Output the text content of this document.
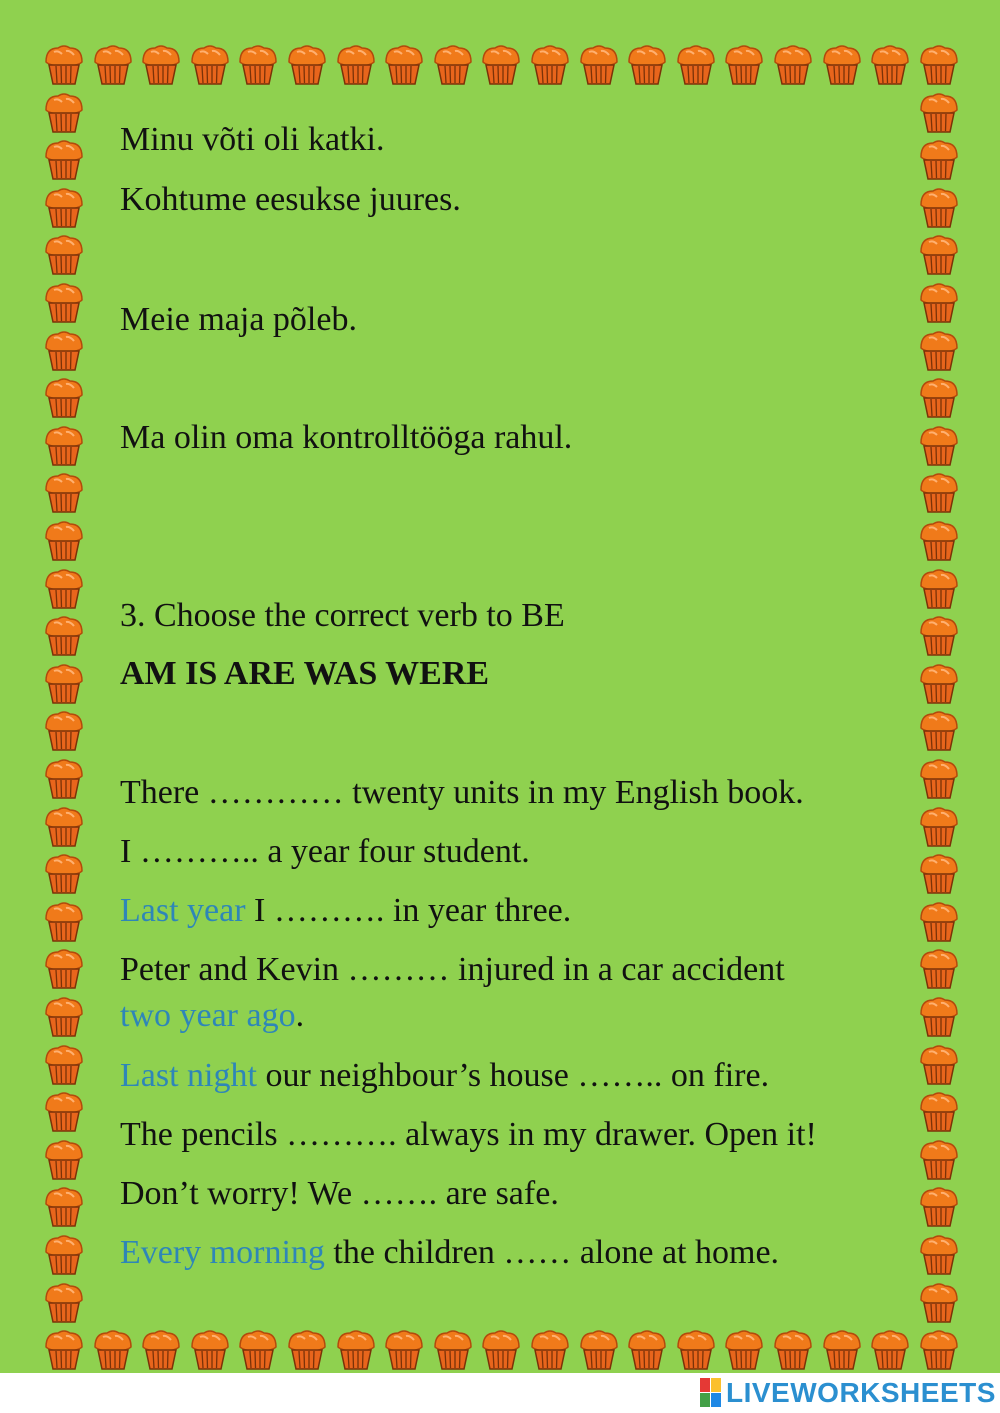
Minu võti oli katki.
Kohtume eesukse juures.
Meie maja põleb.
Ma olin oma kontrolltööga rahul.
3. Choose the correct verb to BE
AM IS ARE WAS WERE
There ………… twenty units in my English book.
I ……….. a year four student.
Last year I ………. in year three.
Peter and Kevin ……… injured in a car accident
two year ago.
Last night our neighbour’s house …….. on fire.
The pencils ………. always in my drawer. Open it!
Don’t worry! We ……. are safe.
Every morning the children …… alone at home.
LIVEWORKSHEETS
